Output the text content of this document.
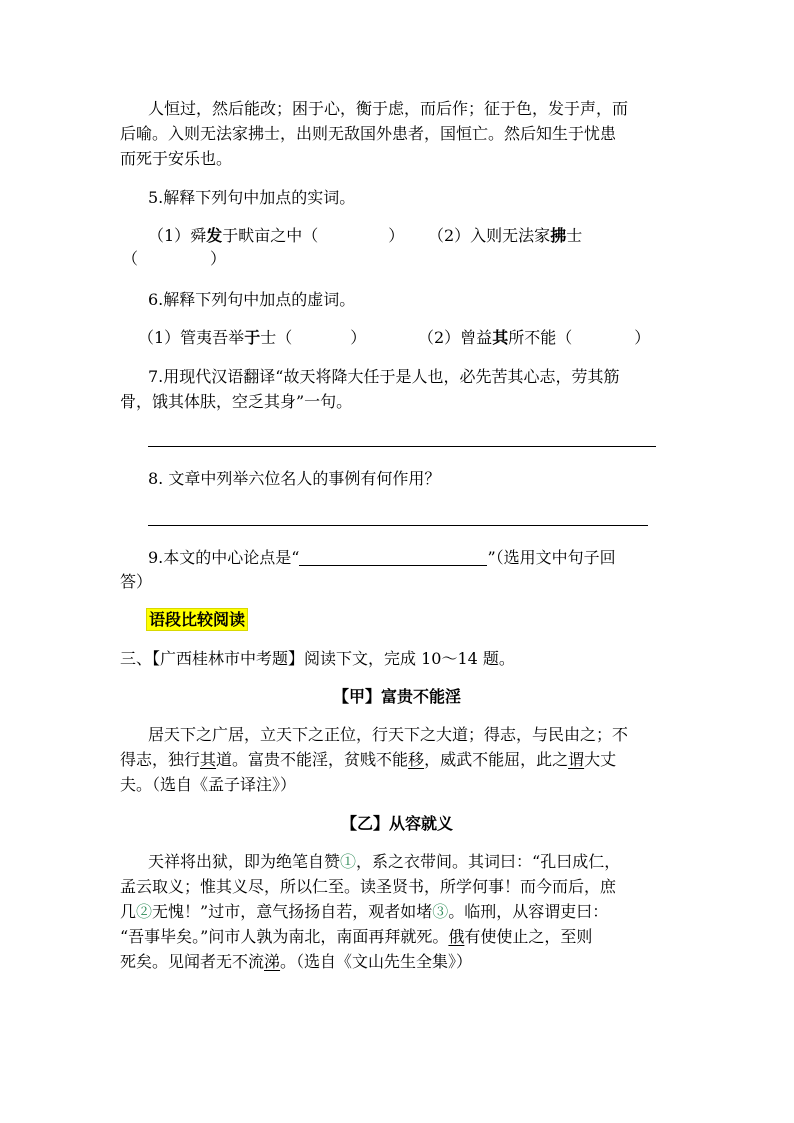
人恒过，然后能改；困于心，衡于虑，而后作；征于色，发于声，而

后喻。入则无法家拂士，出则无敌国外患者，国恒亡。然后知生于忧患

而死于安乐也。

5.解释下列句中加点的实词。

（1）舜发于畎亩之中（	） （2）入则无法家拂士

（	）

6.解释下列句中加点的虚词。

（1）管夷吾举于士（	）	（2）曾益其所不能（	）

7.用现代汉语翻译“故天将降大任于是人也，必先苦其心志，劳其筋

骨，饿其体肤，空乏其身”一句。

8. 文章中列举六位名人的事例有何作用？

9.本文的中心论点是“	”（选用文中句子回

答）

语段比较阅读

三、【广西桂林市中考题】阅读下文，完成 10～14 题。

【甲】富贵不能淫

居天下之广居，立天下之正位，行天下之大道；得志，与民由之；不

得志，独行其道。富贵不能淫，贫贱不能移，威武不能屈，此之谓大丈

夫。（选自《孟子译注》）

【乙】从容就义

天祥将出狱，即为绝笔自赞①，系之衣带间。其词曰：“孔曰成仁，

孟云取义；惟其义尽，所以仁至。读圣贤书，所学何事！而今而后，庶

几②无愧！”过市，意气扬扬自若，观者如堵③。临刑，从容谓吏曰：

“吾事毕矣。”问市人孰为南北，南面再拜就死。俄有使使止之，至则

死矣。见闻者无不流涕。（选自《文山先生全集》）
